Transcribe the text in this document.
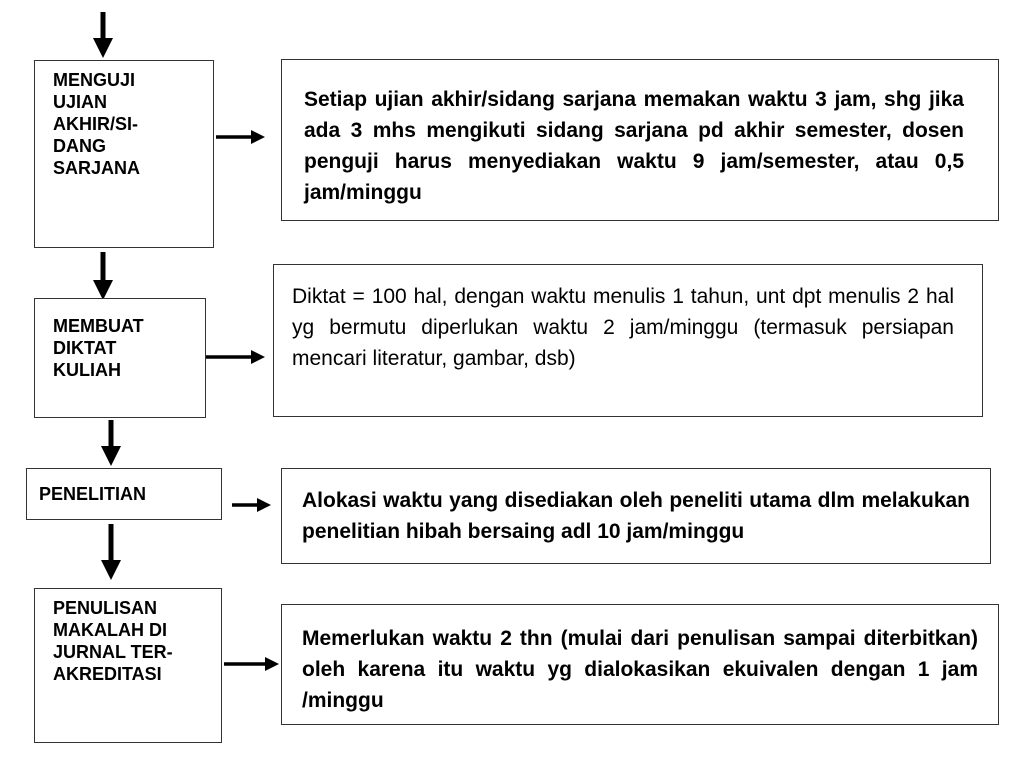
MENGUJI
UJIAN
AKHIR/SI-
DANG
SARJANA
Setiap ujian akhir/sidang sarjana memakan waktu 3 jam, shg jika ada 3 mhs mengikuti sidang sarjana pd akhir semester, dosen penguji harus menyediakan waktu 9 jam/semester, atau 0,5 jam/minggu
MEMBUAT
DIKTAT
KULIAH
Diktat = 100 hal, dengan waktu menulis 1 tahun, unt dpt menulis 2 hal yg bermutu diperlukan waktu 2 jam/minggu (termasuk persiapan mencari literatur, gambar, dsb)
PENELITIAN	Alokasi waktu yang disediakan oleh peneliti utama dlm melakukan penelitian hibah bersaing adl 10 jam/minggu
PENULISAN
MAKALAH DI
JURNAL TER-
AKREDITASI
Memerlukan waktu 2 thn (mulai dari penulisan sampai diterbitkan) oleh karena itu waktu yg dialokasikan ekuivalen dengan 1 jam /minggu
